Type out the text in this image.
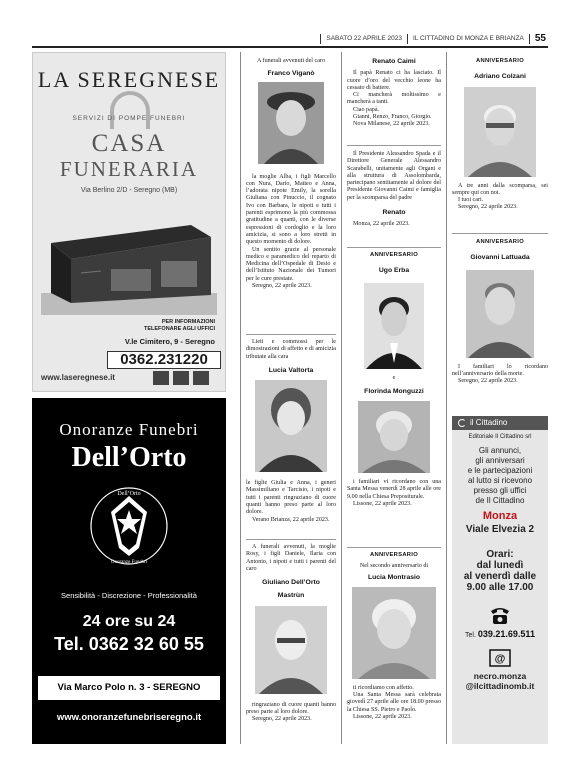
SABATO 22 APRILE 2023 IL CITTADINO DI MONZA E BRIANZA 55
LA SEREGNESE
SERVIZI DI POMPE FUNEBRI
CASA
FUNERARIA
Via Berlino 2/D - Seregno (MB)
PER INFORMAZIONI
TELEFONARE AGLI UFFICI
V.le Cimitero, 9 - Seregno
0362.231220
www.laseregnese.it
Onoranze Funebri
Dell’Orto
Dell’Orto
Onoranze Funebri
Sensibilità - Discrezione - Professionalità
24 ore su 24
Tel. 0362 32 60 55
Via Marco Polo n. 3 - SEREGNO
www.onoranzefunebriseregno.it
A funerali avvenuti del caro
Franco Viganò
la moglie Alba, i figli Marcello con Nura, Dario, Matteo e Anna, l’adorata nipote Emily, la sorella Giuliana con Pinuccio, il cognato Ivo con Barbara, le nipoti e tutti i parenti esprimono la più commossa gratitudine a quanti, con le diverse espressioni di cordoglio e la loro amicizia, si sono a loro stretti in questo momento di dolore.
Un sentito grazie al personale medico e paramedico del reparto di Medicina dell’Ospedale di Desio e dell’Istituto Nazionale dei Tumori per le cure prestate.
Seregno, 22 aprile 2023.
Lieti e commossi per le dimostrazioni di affetto e di amicizia tributate alla cara
Lucia Valtorta
le figlie Giulia e Anna, i generi Massimiliano e Tarcisio, i nipoti e tutti i parenti ringraziano di cuore quanti hanno preso parte al loro dolore.
Verano Brianza, 22 aprile 2023.
A funerali avvenuti, la moglie Rosy, i figli Daniele, Ilaria con Antonio, i nipoti e tutti i parenti del caro
Giuliano Dell’Orto
Mastrùn
ringraziano di cuore quanti hanno preso parte al loro dolore.
Seregno, 22 aprile 2023.
Renato Caimi
Il papà Renato ci ha lasciato. Il cuore d’oro del vecchio leone ha cessato di battere.
Ci mancherà moltissimo e mancherà a tanti.
Ciao papà.
Gianni, Renzo, Franco, Giorgio.
Nova Milanese, 22 aprile 2023.
Il Presidente Alessandro Spada e il Direttore Generale Alessandro Scarabelli, unitamente agli Organi e alla struttura di Assolombarda, partecipano sentitamente al dolore del Presidente Giovanni Caimi e famiglia per la scomparsa del padre
Renato
Monza, 22 aprile 2023.
ANNIVERSARIO
Ugo Erba
e
Florinda Monguzzi
i familiari vi ricordano con una Santa Messa venerdì 28 aprile alle ore 9.00 nella Chiesa Prepositurale.
Lissone, 22 aprile 2023.
ANNIVERSARIO
Nel secondo anniversario di
Lucia Montrasio
ti ricordiamo con affetto.
Una Santa Messa sarà celebrata giovedì 27 aprile alle ore 18.00 presso la Chiesa SS. Pietro e Paolo.
Lissone, 22 aprile 2023.
ANNIVERSARIO
Adriano Colzani
A tre anni dalla scomparsa, sei sempre qui con noi.
I tuoi cari.
Seregno, 22 aprile 2023.
ANNIVERSARIO
Giovanni Lattuada
I familiari lo ricordano nell’anniversario della morte.
Seregno, 22 aprile 2023.
il Cittadino
Editoriale Il Cittadino srl
Gli annunci,
gli anniversari
e le partecipazioni
al lutto si ricevono
presso gli uffici
de Il Cittadino
Monza
Viale Elvezia 2
Orari:
dal lunedì
al venerdì dalle
9.00 alle 17.00
Tel. 039.21.69.511
@
necro.monza
@ilcittadinomb.it
